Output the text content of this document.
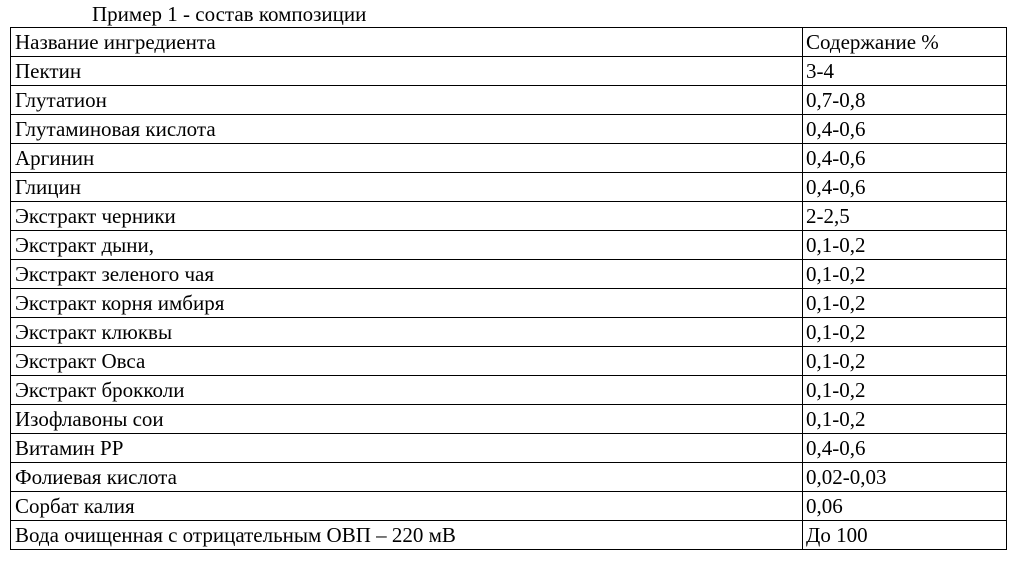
Пример 1 - состав композиции
Название ингредиента	Содержание %
Пектин	3-4
Глутатион	0,7-0,8
Глутаминовая кислота	0,4-0,6
Аргинин	0,4-0,6
Глицин	0,4-0,6
Экстракт черники	2-2,5
Экстракт дыни,	0,1-0,2
Экстракт зеленого чая	0,1-0,2
Экстракт корня имбиря	0,1-0,2
Экстракт клюквы	0,1-0,2
Экстракт Овса	0,1-0,2
Экстракт брокколи	0,1-0,2
Изофлавоны сои	0,1-0,2
Витамин РР	0,4-0,6
Фолиевая кислота	0,02-0,03
Сорбат калия	0,06
Вода очищенная с отрицательным ОВП – 220 мВ	До 100
